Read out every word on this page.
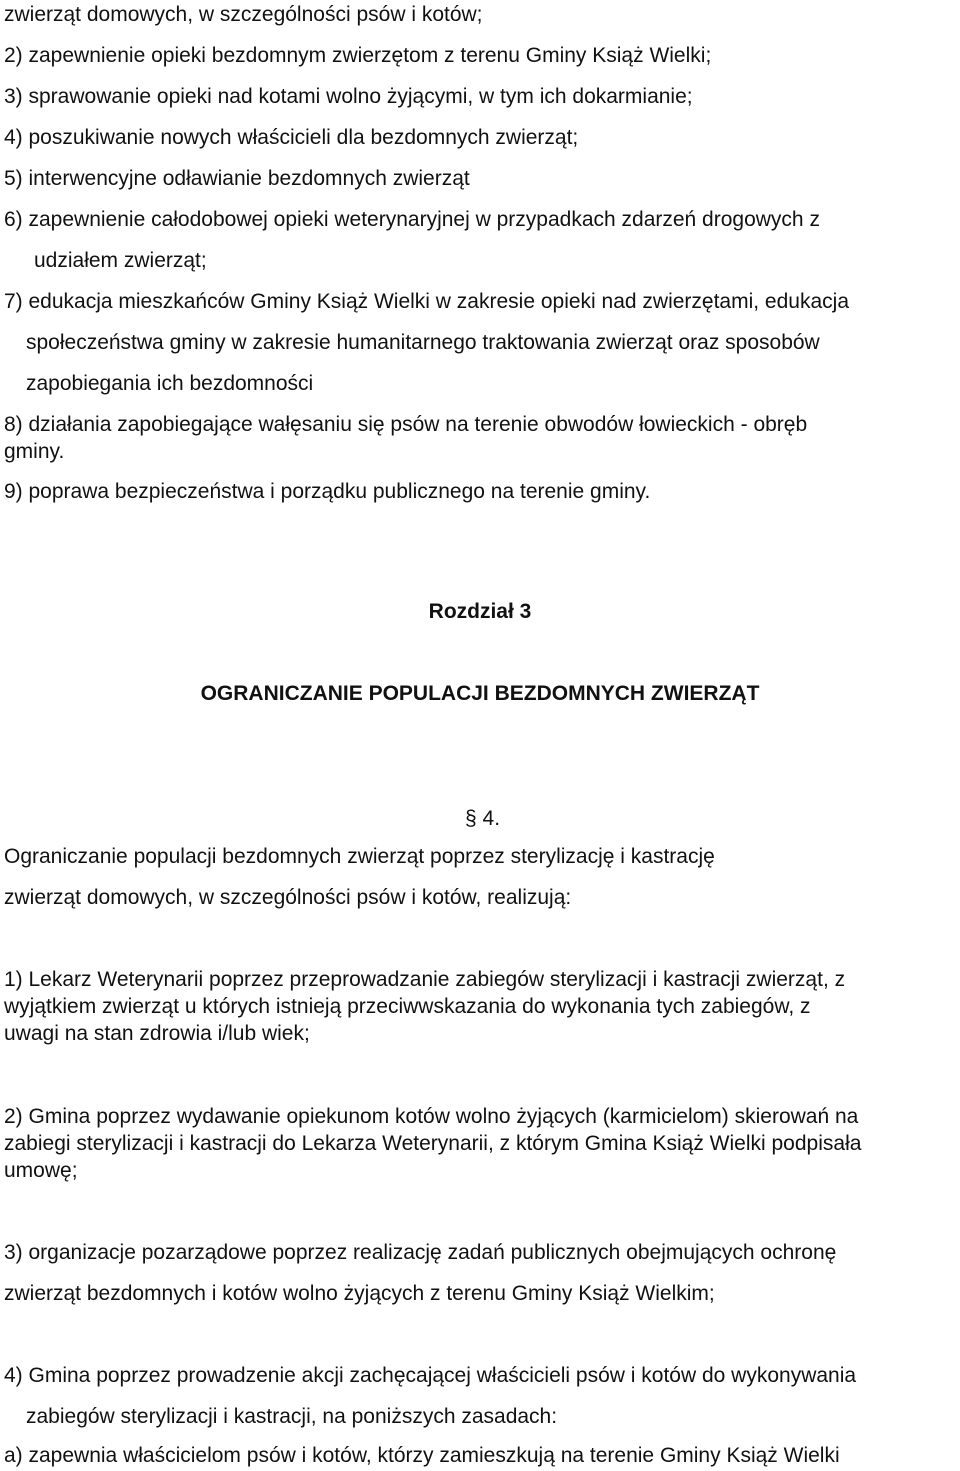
zwierząt domowych, w szczególności psów i kotów;

2) zapewnienie opieki bezdomnym zwierzętom z terenu Gminy Książ Wielki;

3) sprawowanie opieki nad kotami wolno żyjącymi, w tym ich dokarmianie;

4) poszukiwanie nowych właścicieli dla bezdomnych zwierząt;

5) interwencyjne odławianie bezdomnych zwierząt

6) zapewnienie całodobowej opieki weterynaryjnej w przypadkach zdarzeń drogowych z

udziałem zwierząt;

7) edukacja mieszkańców Gminy Książ Wielki w zakresie opieki nad zwierzętami, edukacja

społeczeństwa gminy w zakresie humanitarnego traktowania zwierząt oraz sposobów

zapobiegania ich bezdomności

8) działania zapobiegające wałęsaniu się psów na terenie obwodów łowieckich - obręb

gminy.

9) poprawa bezpieczeństwa i porządku publicznego na terenie gminy.

Rozdział 3

OGRANICZANIE POPULACJI BEZDOMNYCH ZWIERZĄT

§ 4.

Ograniczanie populacji bezdomnych zwierząt poprzez sterylizację i kastrację

zwierząt domowych, w szczególności psów i kotów, realizują:

1) Lekarz Weterynarii poprzez przeprowadzanie zabiegów sterylizacji i kastracji zwierząt, z

wyjątkiem zwierząt u których istnieją przeciwwskazania do wykonania tych zabiegów, z

uwagi na stan zdrowia i/lub wiek;

2) Gmina poprzez wydawanie opiekunom kotów wolno żyjących (karmicielom) skierowań na

zabiegi sterylizacji i kastracji do Lekarza Weterynarii, z którym Gmina Książ Wielki podpisała

umowę;

3) organizacje pozarządowe poprzez realizację zadań publicznych obejmujących ochronę

zwierząt bezdomnych i kotów wolno żyjących z terenu Gminy Książ Wielkim;

4) Gmina poprzez prowadzenie akcji zachęcającej właścicieli psów i kotów do wykonywania

zabiegów sterylizacji i kastracji, na poniższych zasadach:

a) zapewnia właścicielom psów i kotów, którzy zamieszkują na terenie Gminy Książ Wielki
